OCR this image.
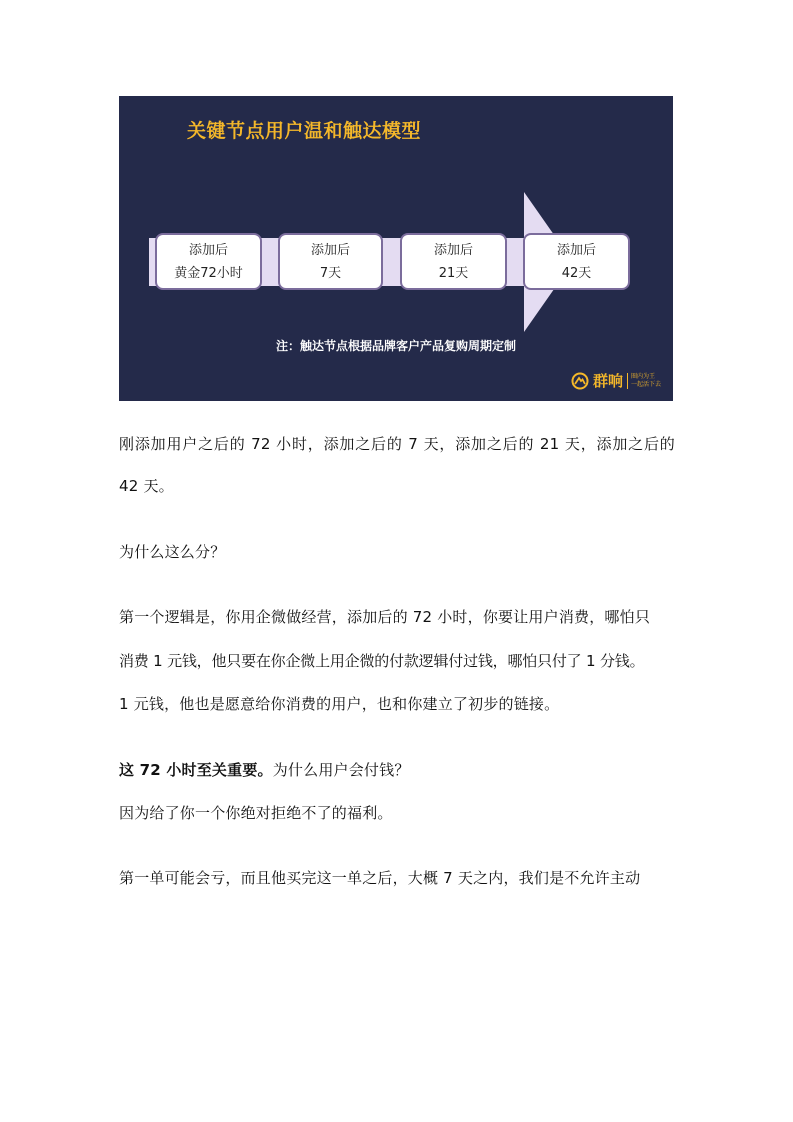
关键节点用户温和触达模型
添加后
黄金72小时
添加后
7天
添加后
21天
添加后
42天
注：触达节点根据品牌客户产品复购周期定制
群响	圈内为王
一起活下去

刚添加用户之后的 72 小时，添加之后的 7 天，添加之后的 21 天，添加之后的 42 天。

为什么这么分？

第一个逻辑是，你用企微做经营，添加后的 72 小时，你要让用户消费，哪怕只

消费 1 元钱，他只要在你企微上用企微的付款逻辑付过钱，哪怕只付了 1 分钱。

1 元钱，他也是愿意给你消费的用户，也和你建立了初步的链接。

这 72 小时至关重要。为什么用户会付钱？

因为给了你一个你绝对拒绝不了的福利。

第一单可能会亏，而且他买完这一单之后，大概 7 天之内，我们是不允许主动
